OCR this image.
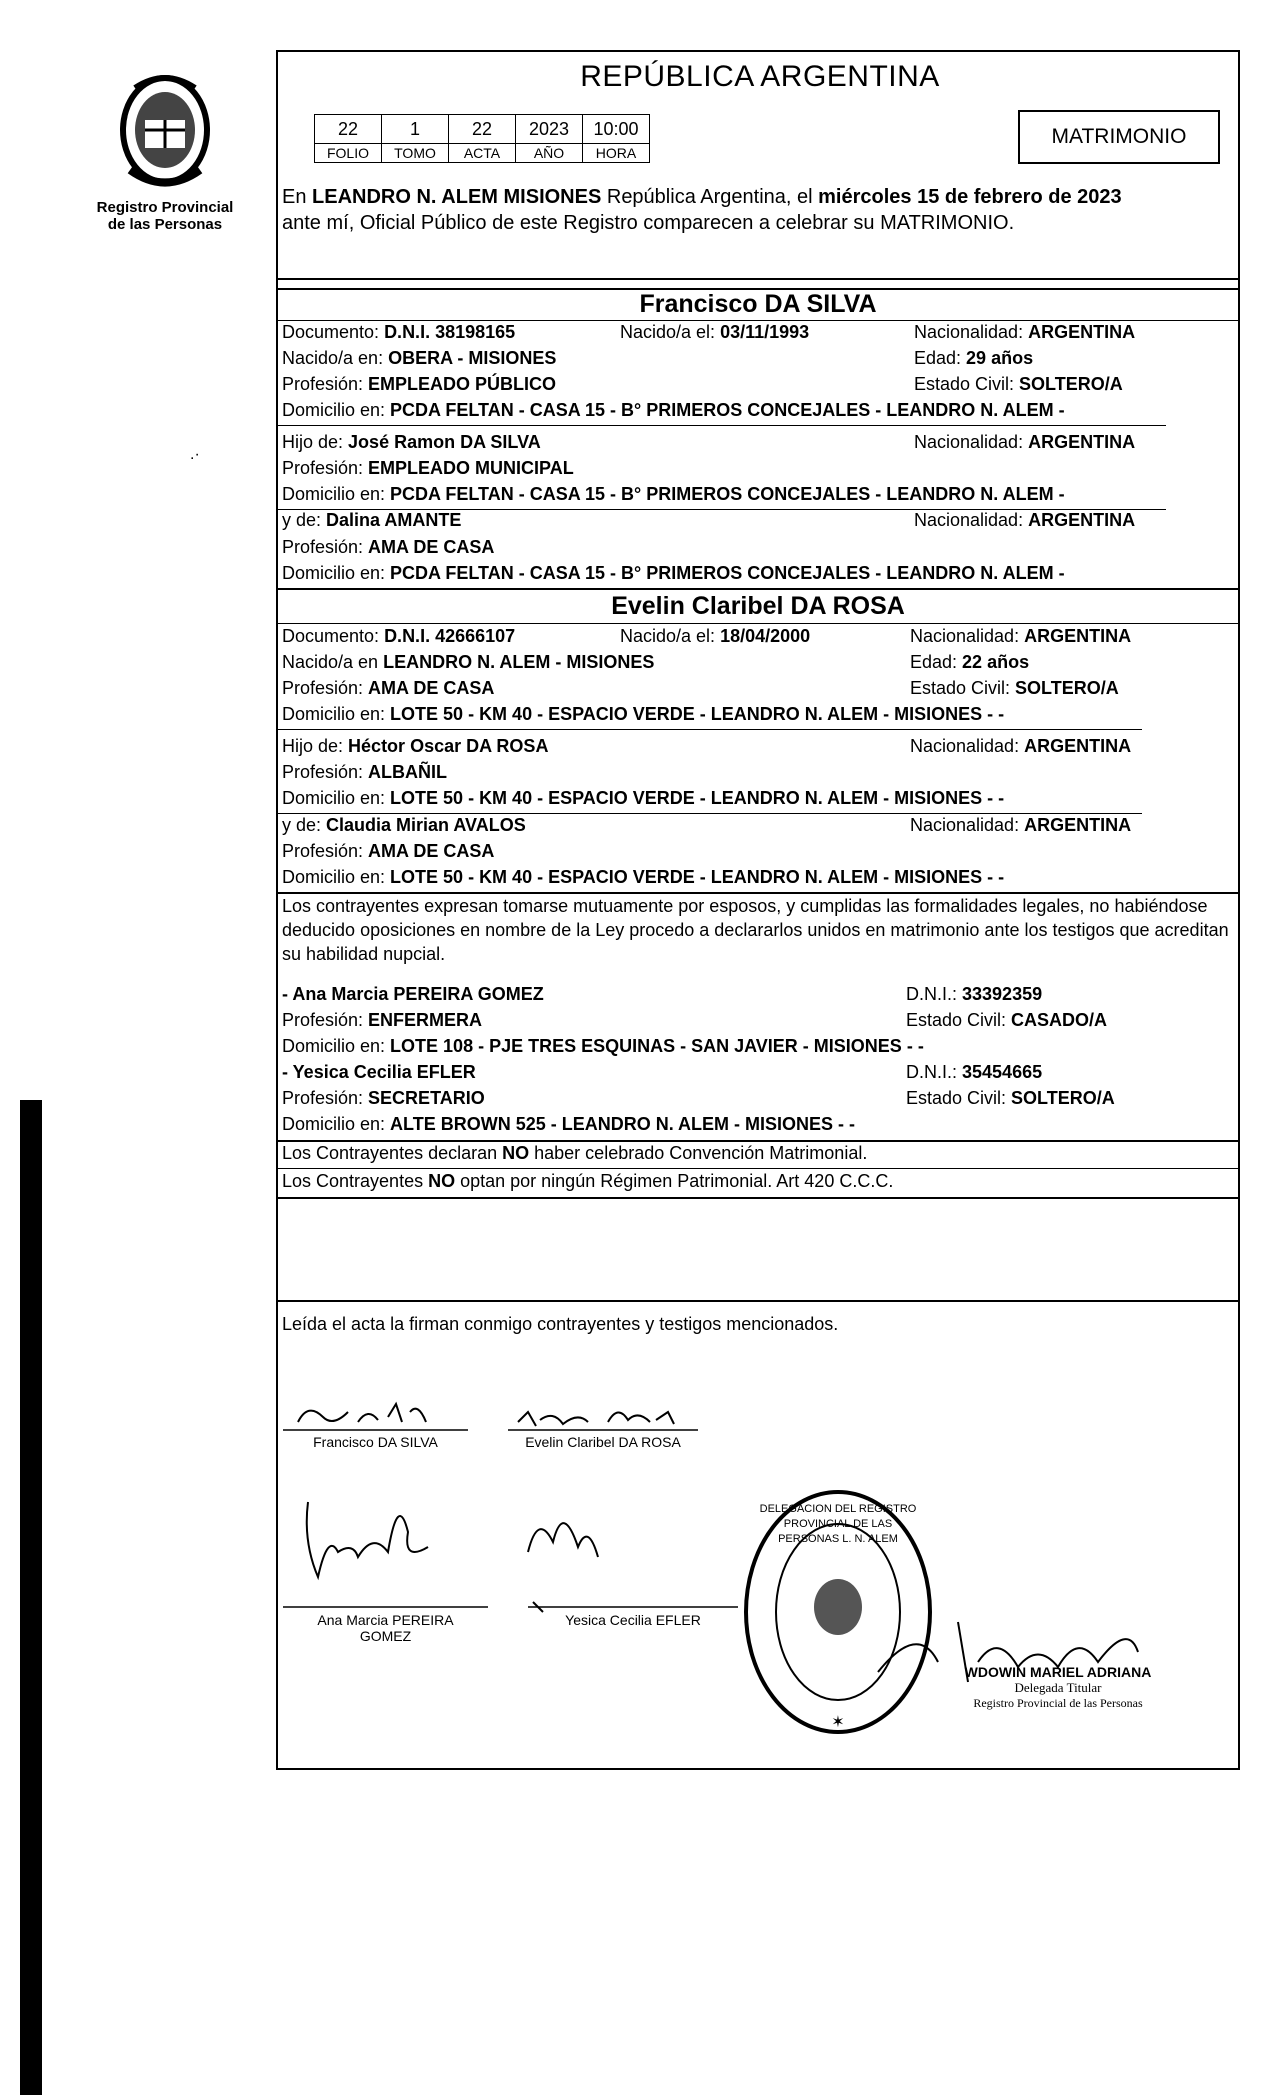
Registro Provincial
de las Personas
.·
REPÚBLICA ARGENTINA
22	1	22	2023	10:00
FOLIO	TOMO	ACTA	AÑO	HORA
MATRIMONIO
En LEANDRO N. ALEM MISIONES República Argentina, el miércoles 15 de febrero de 2023
ante mí, Oficial Público de este Registro comparecen a celebrar su MATRIMONIO.
Francisco DA SILVA
Documento: D.N.I. 38198165	Nacido/a el: 03/11/1993	Nacionalidad: ARGENTINA
Nacido/a en: OBERA - MISIONES	Edad: 29 años
Profesión: EMPLEADO PÚBLICO	Estado Civil: SOLTERO/A
Domicilio en: PCDA FELTAN - CASA 15 - B° PRIMEROS CONCEJALES - LEANDRO N. ALEM -
Hijo de: José Ramon DA SILVA	Nacionalidad: ARGENTINA
Profesión: EMPLEADO MUNICIPAL
Domicilio en: PCDA FELTAN - CASA 15 - B° PRIMEROS CONCEJALES - LEANDRO N. ALEM -
y de: Dalina AMANTE	Nacionalidad: ARGENTINA
Profesión: AMA DE CASA
Domicilio en: PCDA FELTAN - CASA 15 - B° PRIMEROS CONCEJALES - LEANDRO N. ALEM -
Evelin Claribel DA ROSA
Documento: D.N.I. 42666107	Nacido/a el: 18/04/2000	Nacionalidad: ARGENTINA
Nacido/a en LEANDRO N. ALEM - MISIONES	Edad: 22 años
Profesión: AMA DE CASA	Estado Civil: SOLTERO/A
Domicilio en: LOTE 50 - KM 40 - ESPACIO VERDE - LEANDRO N. ALEM - MISIONES - -
Hijo de: Héctor Oscar DA ROSA	Nacionalidad: ARGENTINA
Profesión: ALBAÑIL
Domicilio en: LOTE 50 - KM 40 - ESPACIO VERDE - LEANDRO N. ALEM - MISIONES - -
y de: Claudia Mirian AVALOS	Nacionalidad: ARGENTINA
Profesión: AMA DE CASA
Domicilio en: LOTE 50 - KM 40 - ESPACIO VERDE - LEANDRO N. ALEM - MISIONES - -
Los contrayentes expresan tomarse mutuamente por esposos, y cumplidas las formalidades legales, no habiéndose deducido oposiciones en nombre de la Ley procedo a declararlos unidos en matrimonio ante los testigos que acreditan su habilidad nupcial.
- Ana Marcia PEREIRA GOMEZ	D.N.I.: 33392359
Profesión: ENFERMERA	Estado Civil: CASADO/A
Domicilio en: LOTE 108 - PJE TRES ESQUINAS - SAN JAVIER - MISIONES - -
- Yesica Cecilia EFLER	D.N.I.: 35454665
Profesión: SECRETARIO	Estado Civil: SOLTERO/A
Domicilio en: ALTE BROWN 525 - LEANDRO N. ALEM - MISIONES - -
Los Contrayentes declaran NO haber celebrado Convención Matrimonial.
Los Contrayentes NO optan por ningún Régimen Patrimonial. Art 420 C.C.C.
Leída el acta la firman conmigo contrayentes y testigos mencionados.
✶
Francisco DA SILVA	Evelin Claribel DA ROSA
Ana Marcia PEREIRA
GOMEZ
Yesica Cecilia EFLER
DELEGACION DEL REGISTRO PROVINCIAL DE LAS PERSONAS L. N. ALEM
WDOWIN MARIEL ADRIANA
Delegada Titular
Registro Provincial de las Personas
